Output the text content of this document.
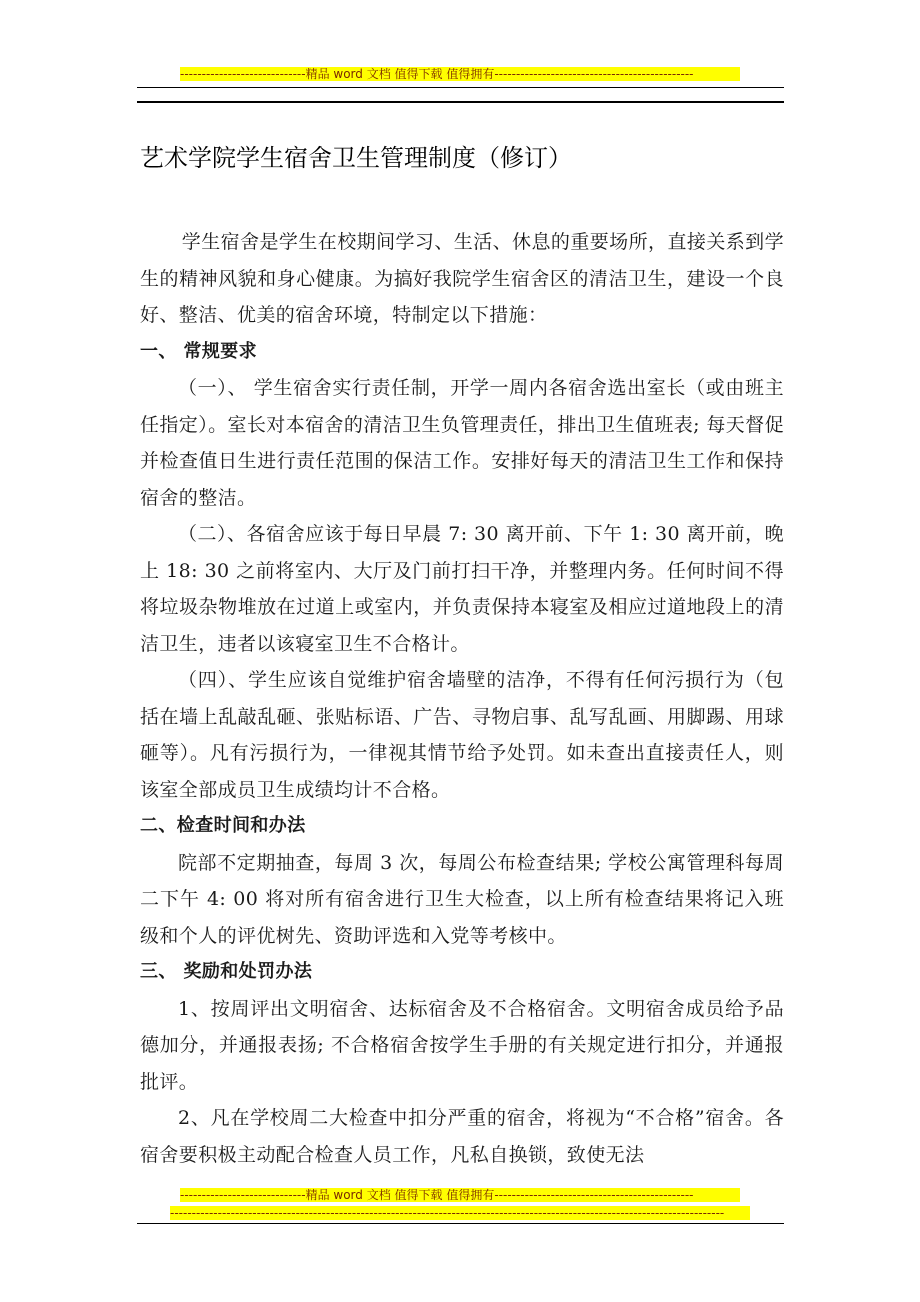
-----------------------------精品 word 文档 值得下载 值得拥有----------------------------------------------
艺术学院学生宿舍卫生管理制度（修订）

学生宿舍是学生在校期间学习、生活、休息的重要场所，直接关系到学生的精神风貌和身心健康。为搞好我院学生宿舍区的清洁卫生，建设一个良好、整洁、优美的宿舍环境，特制定以下措施：

一、 常规要求

（一）、 学生宿舍实行责任制，开学一周内各宿舍选出室长（或由班主任指定）。室长对本宿舍的清洁卫生负管理责任，排出卫生值班表; 每天督促并检查值日生进行责任范围的保洁工作。安排好每天的清洁卫生工作和保持宿舍的整洁。

（二）、各宿舍应该于每日早晨 7: 30 离开前、下午 1: 30 离开前，晚上 18: 30 之前将室内、大厅及门前打扫干净，并整理内务。任何时间不得将垃圾杂物堆放在过道上或室内，并负责保持本寝室及相应过道地段上的清洁卫生，违者以该寝室卫生不合格计。

（四）、学生应该自觉维护宿舍墙壁的洁净，不得有任何污损行为（包括在墙上乱敲乱砸、张贴标语、广告、寻物启事、乱写乱画、用脚踢、用球砸等）。凡有污损行为，一律视其情节给予处罚。如未查出直接责任人，则该室全部成员卫生成绩均计不合格。

二、检查时间和办法

院部不定期抽查，每周 3 次，每周公布检查结果; 学校公寓管理科每周二下午 4: 00 将对所有宿舍进行卫生大检查，以上所有检查结果将记入班级和个人的评优树先、资助评选和入党等考核中。

三、 奖励和处罚办法

1、按周评出文明宿舍、达标宿舍及不合格宿舍。文明宿舍成员给予品德加分，并通报表扬; 不合格宿舍按学生手册的有关规定进行扣分，并通报批评。

2、凡在学校周二大检查中扣分严重的宿舍，将视为“不合格”宿舍。各宿舍要积极主动配合检查人员工作，凡私自换锁，致使无法

-----------------------------精品 word 文档 值得下载 值得拥有----------------------------------------------
--------------------------------------------------------------------------------------------------------------------------------
